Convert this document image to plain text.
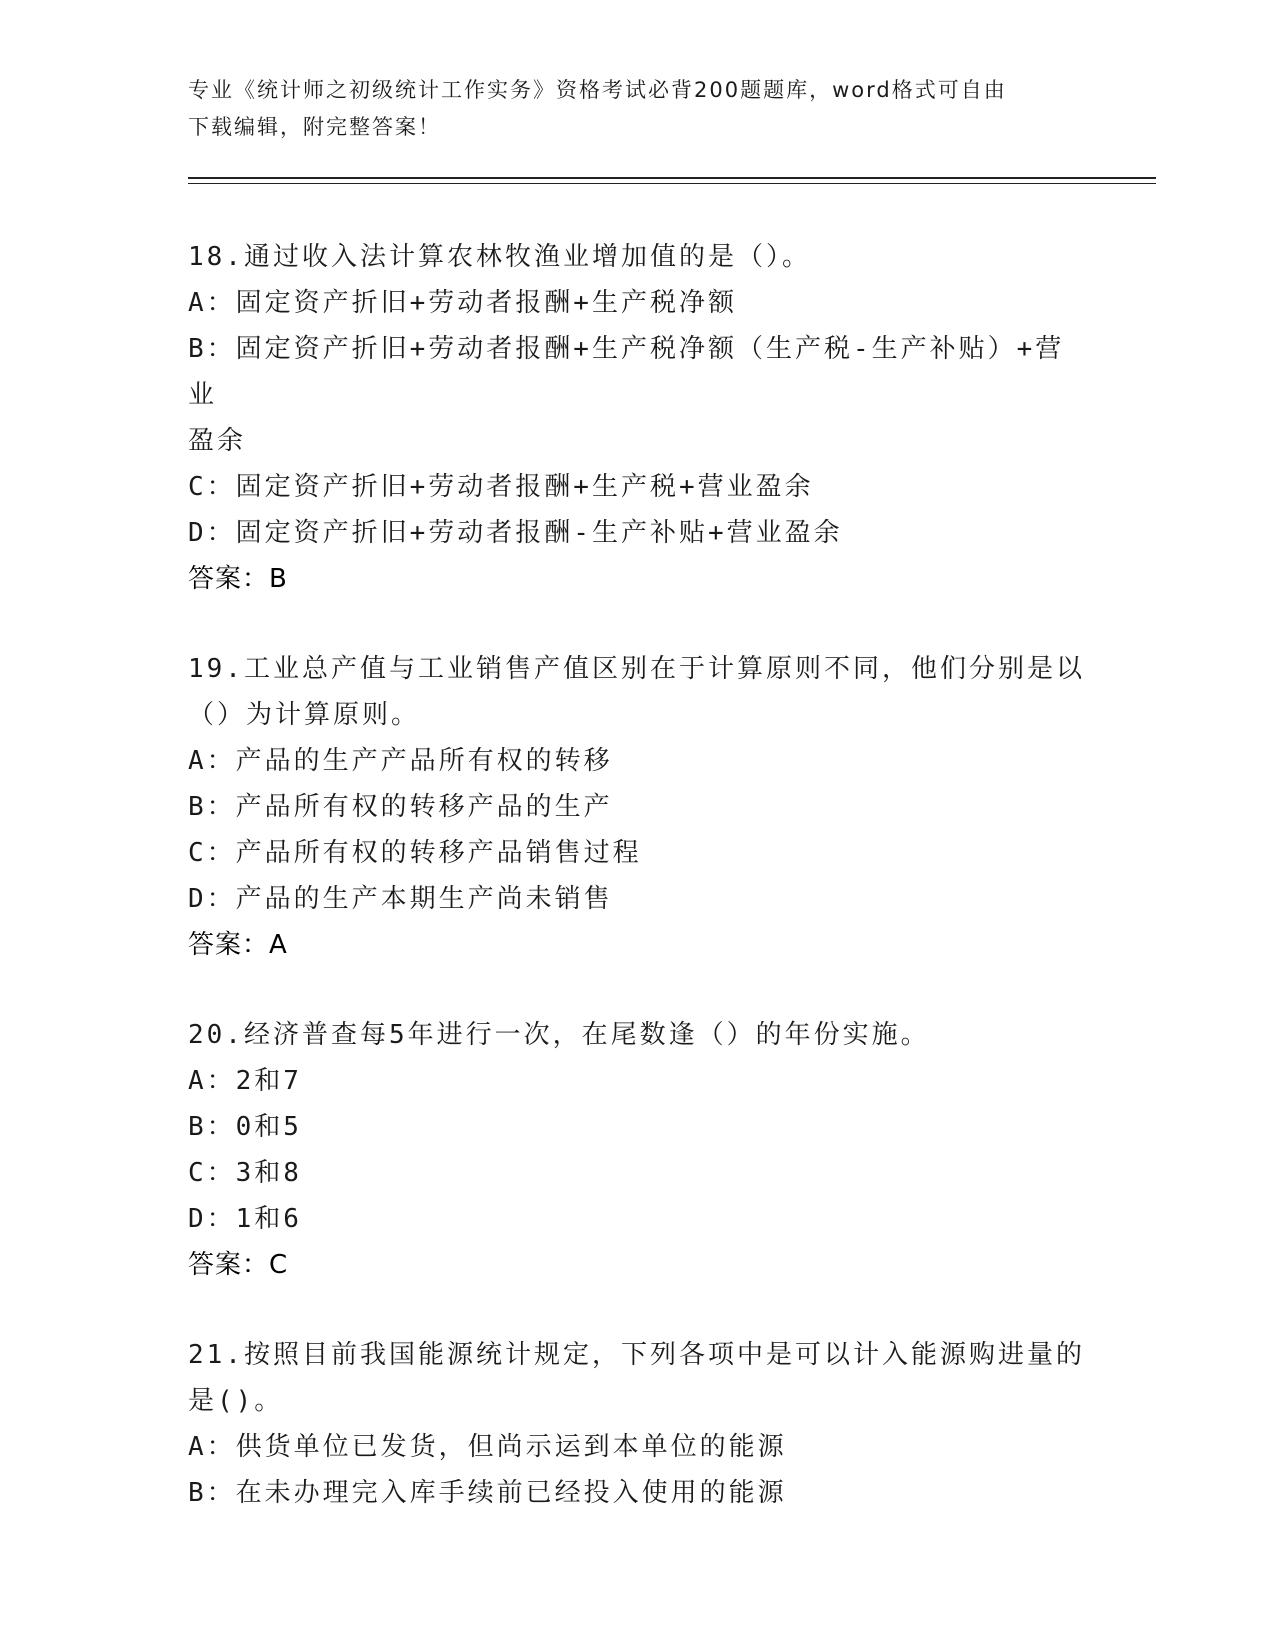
专业《统计师之初级统计工作实务》资格考试必背200题题库，word格式可自由
下载编辑，附完整答案！
18.通过收入法计算农林牧渔业增加值的是（）。
A：固定资产折旧+劳动者报酬+生产税净额
B：固定资产折旧+劳动者报酬+生产税净额（生产税-生产补贴）+营业
盈余
C：固定资产折旧+劳动者报酬+生产税+营业盈余
D：固定资产折旧+劳动者报酬-生产补贴+营业盈余
答案：B
19.工业总产值与工业销售产值区别在于计算原则不同，他们分别是以
（）为计算原则。
A：产品的生产产品所有权的转移
B：产品所有权的转移产品的生产
C：产品所有权的转移产品销售过程
D：产品的生产本期生产尚未销售
答案：A
20.经济普查每5年进行一次，在尾数逢（）的年份实施。
A：2和7
B：0和5
C：3和8
D：1和6
答案：C
21.按照目前我国能源统计规定，下列各项中是可以计入能源购进量的
是()。
A：供货单位已发货，但尚示运到本单位的能源
B：在未办理完入库手续前已经投入使用的能源
